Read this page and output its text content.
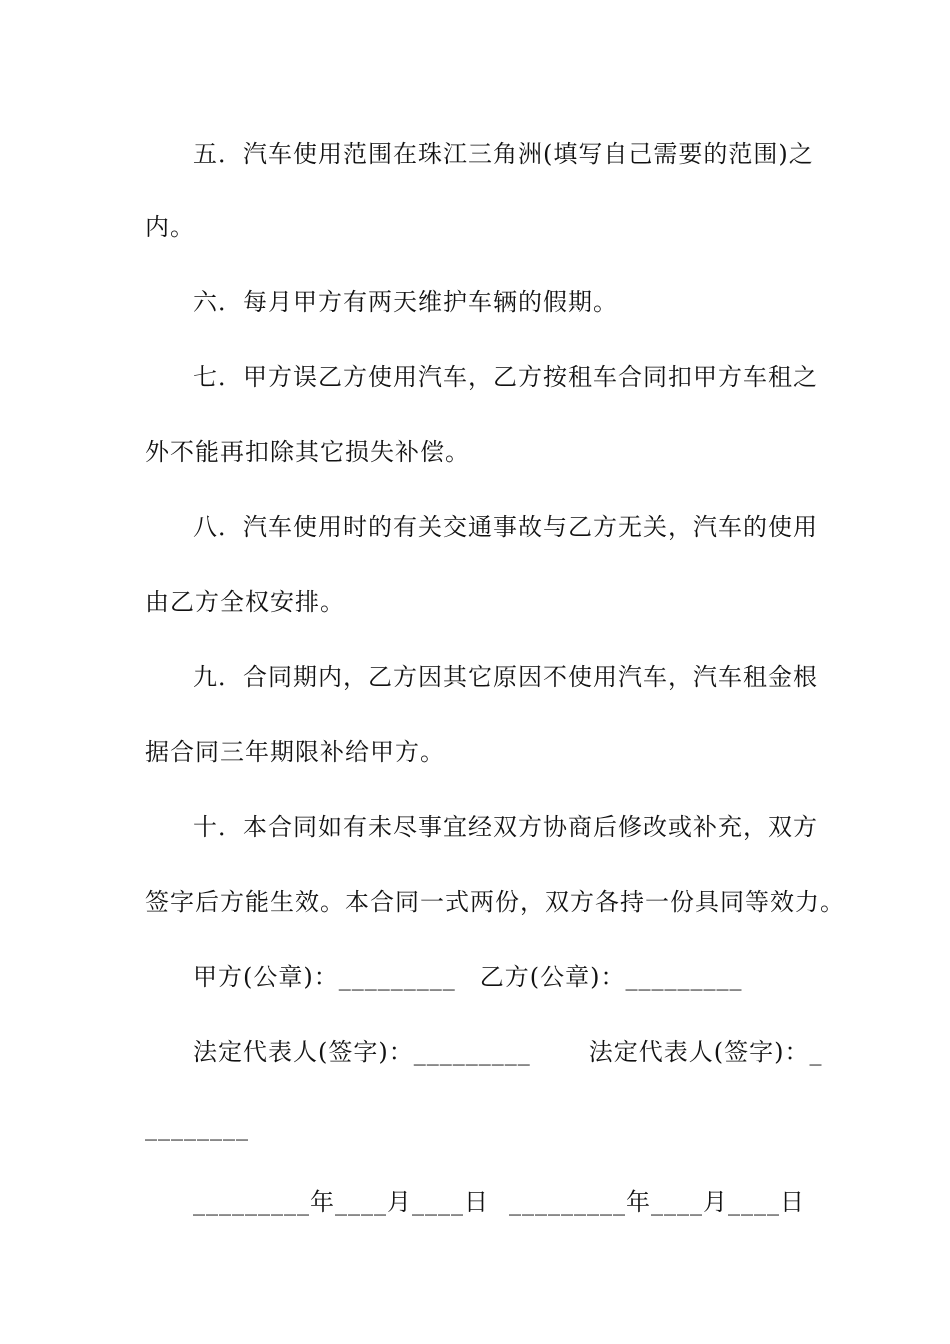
五．汽车使用范围在珠江三角洲(填写自己需要的范围)之
内。
六．每月甲方有两天维护车辆的假期。
七．甲方误乙方使用汽车，乙方按租车合同扣甲方车租之
外不能再扣除其它损失补偿。
八．汽车使用时的有关交通事故与乙方无关，汽车的使用
由乙方全权安排。
九．合同期内，乙方因其它原因不使用汽车，汽车租金根
据合同三年期限补给甲方。
十．本合同如有未尽事宜经双方协商后修改或补充，双方
签字后方能生效。本合同一式两份，双方各持一份具同等效力。
甲方(公章)：_________ 乙方(公章)：_________
法定代表人(签字)：_________ 法定代表人(签字)：_
________
_________年____月____日 _________年____月____日
